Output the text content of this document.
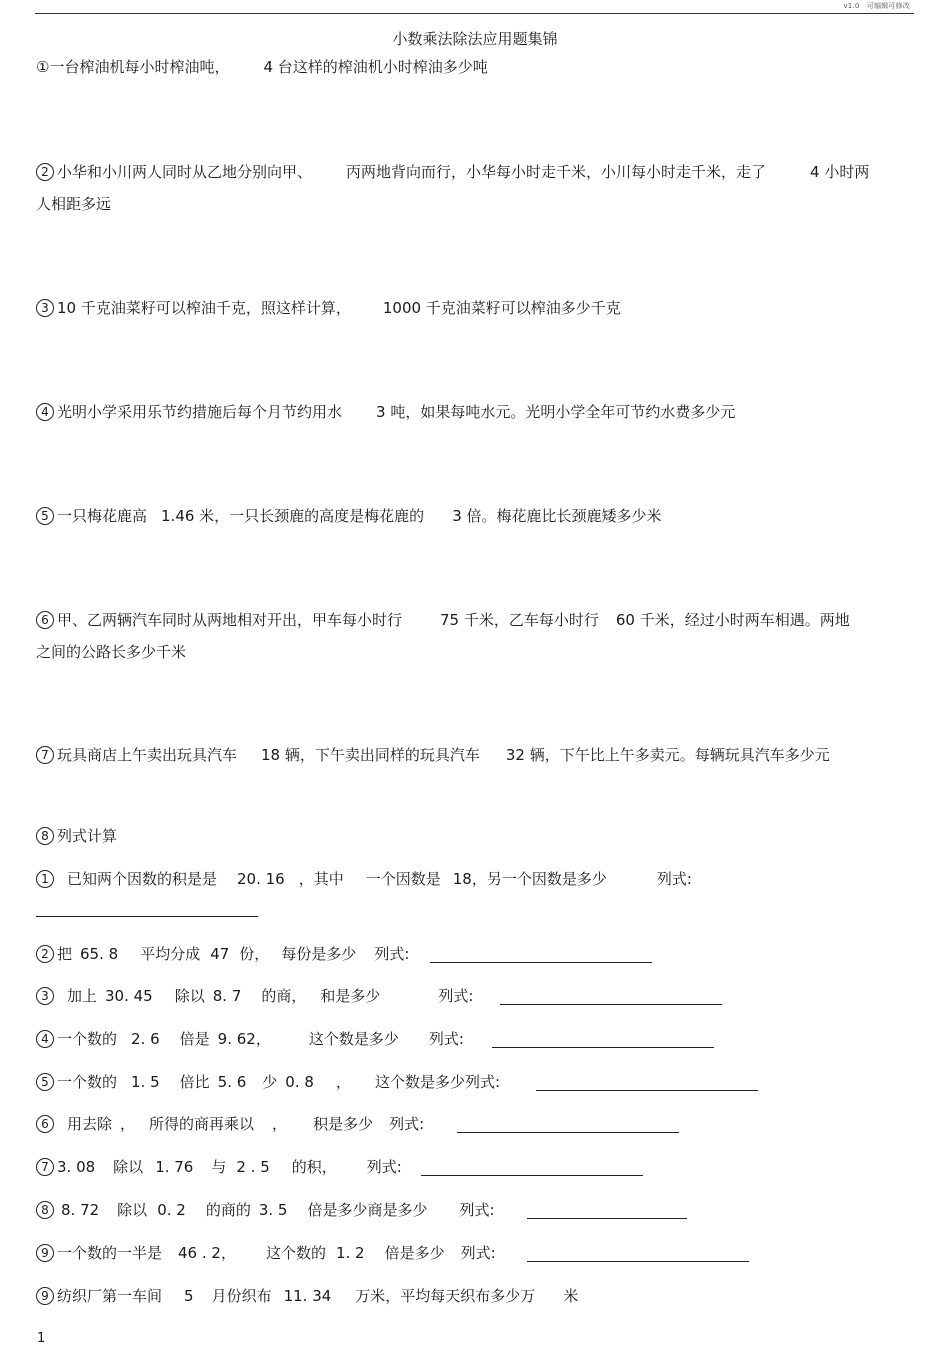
v1.0 可编辑可修改
小数乘法除法应用题集锦
①一台榨油机每小时榨油吨， 4 台这样的榨油机小时榨油多少吨
2 小华和小川两人同时从乙地分别向甲、 丙两地背向而行，小华每小时走千米，小川每小时走千米，走了	4 小时两
人相距多远
3 10 千克油菜籽可以榨油千克，照这样计算， 1000 千克油菜籽可以榨油多少千克
4 光明小学采用乐节约措施后每个月节约用水 3 吨，如果每吨水元。光明小学全年可节约水费多少元
5 一只梅花鹿高 1.46 米，一只长颈鹿的高度是梅花鹿的 3 倍。梅花鹿比长颈鹿矮多少米
6 甲、乙两辆汽车同时从两地相对开出，甲车每小时行	75 千米，乙车每小时行 60 千米，经过小时两车相遇。两地
之间的公路长多少千米
7 玩具商店上午卖出玩具汽车 18 辆，下午卖出同样的玩具汽车 32 辆，下午比上午多卖元。每辆玩具汽车多少元
8 列式计算
1 已知两个因数的积是是 20. 16 ，其中 一个因数是 18，另一个因数是多少	列式:
2 把 65. 8 平均分成 47 份， 每份是多少 列式:
3 加上 30. 45 除以 8. 7 的商， 和是多少	列式:
4 一个数的 2. 6 倍是 9. 62，	这个数是多少 列式:
5 一个数的 1. 5 倍比 5. 6 少 0. 8 ， 这个数是多少列式:
6 用去除 ， 所得的商再乘以 ， 积是多少 列式:
7 3. 08 除以 1. 76 与 2 . 5 的积， 列式:
8 8. 72 除以 0. 2 的商的 3. 5 倍是多少商是多少 列式:
9 一个数的一半是 46 . 2， 这个数的 1. 2 倍是多少 列式:
9 纺织厂第一车间 5 月份织布 11. 34 万米，平均每天织布多少万 米
1
